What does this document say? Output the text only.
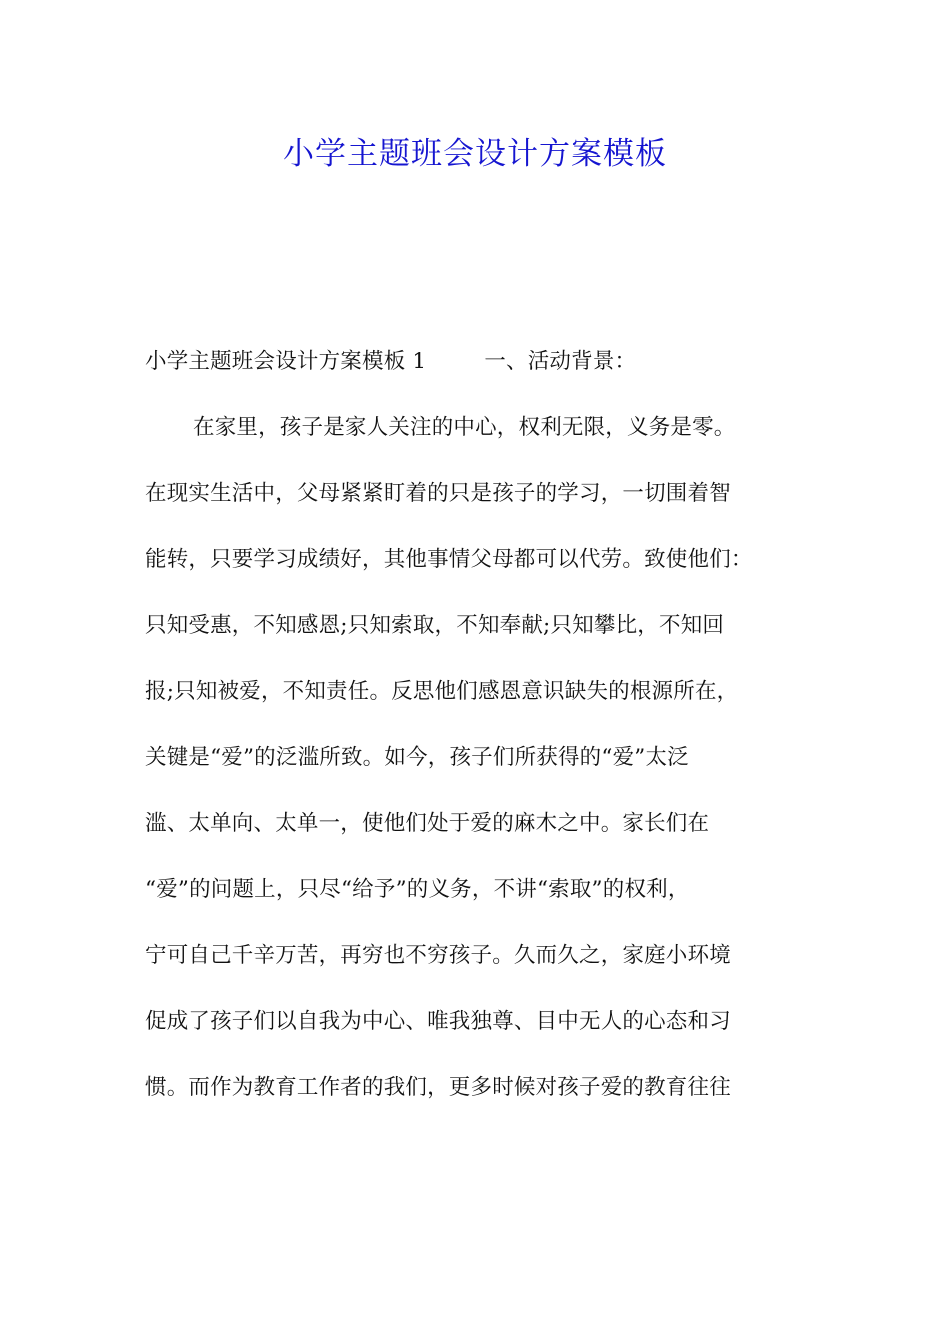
小学主题班会设计方案模板
小学主题班会设计方案模板 1	一、活动背景：
在家里，孩子是家人关注的中心，权利无限，义务是零。
在现实生活中，父母紧紧盯着的只是孩子的学习，一切围着智
能转，只要学习成绩好，其他事情父母都可以代劳。致使他们：
只知受惠，不知感恩;只知索取，不知奉献;只知攀比，不知回
报;只知被爱，不知责任。反思他们感恩意识缺失的根源所在，
关键是“爱”的泛滥所致。如今，孩子们所获得的“爱”太泛
滥、太单向、太单一，使他们处于爱的麻木之中。家长们在
“爱”的问题上，只尽“给予”的义务，不讲“索取”的权利，
宁可自己千辛万苦，再穷也不穷孩子。久而久之，家庭小环境
促成了孩子们以自我为中心、唯我独尊、目中无人的心态和习
惯。而作为教育工作者的我们，更多时候对孩子爱的教育往往
